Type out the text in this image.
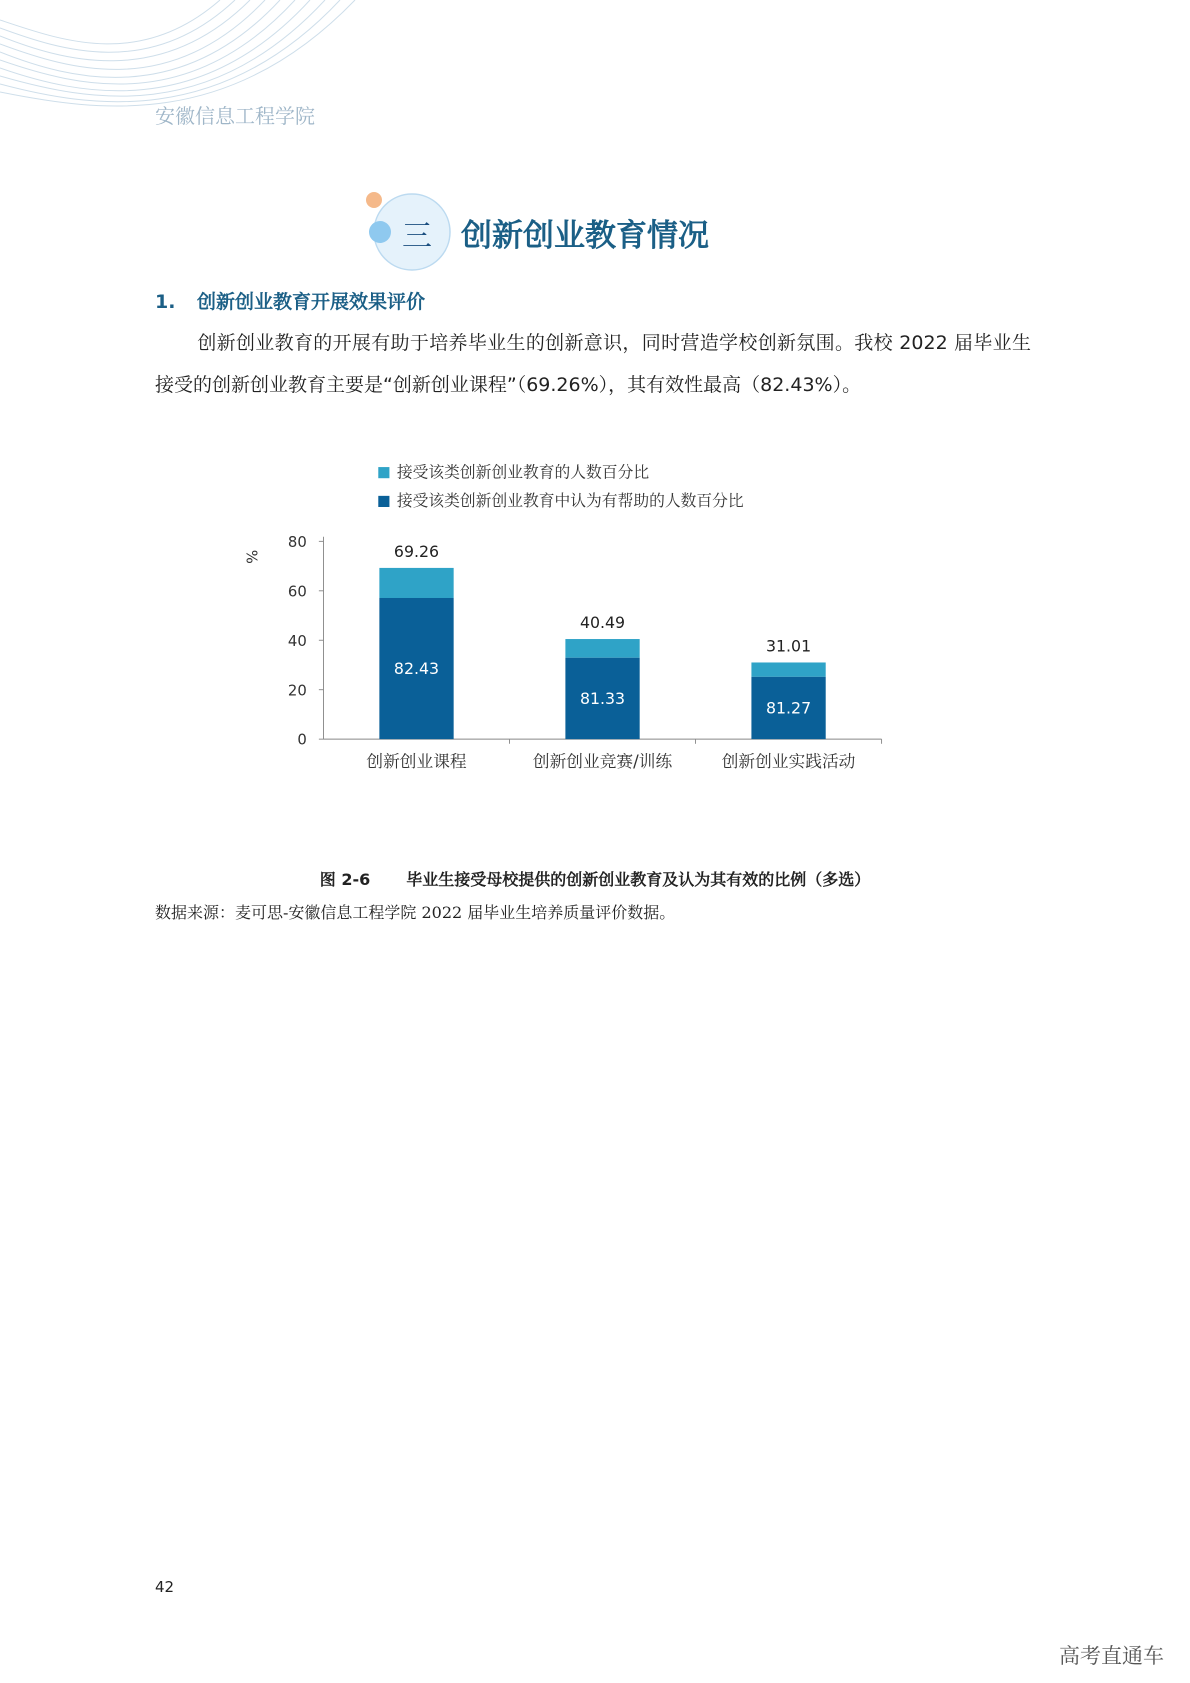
安徽信息工程学院
三 创新创业教育情况
1. 创新创业教育开展效果评价
创新创业教育的开展有助于培养毕业生的创新意识，同时营造学校创新氛围。我校 2022 届毕业生接受的创新创业教育主要是“创新创业课程”（69.26%），其有效性最高（82.43%）。
接受该类创新创业教育的人数百分比
接受该类创新创业教育中认为有帮助的人数百分比
%
0
20
40
60
80	69.26
82.43
创新创业课程
40.49
81.33
创新创业竞赛/训练
31.01
81.27
创新创业实践活动
图 2-6 毕业生接受母校提供的创新创业教育及认为其有效的比例（多选）
数据来源：麦可思-安徽信息工程学院 2022 届毕业生培养质量评价数据。
42
高考直通车
